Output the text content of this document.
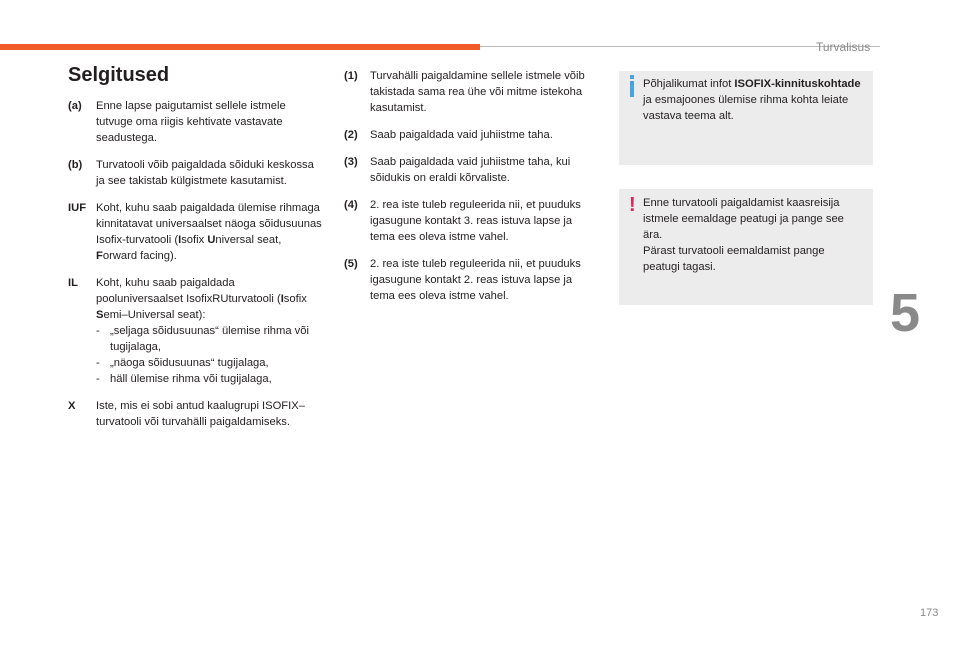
Turvalisus
5
173
Selgitused
(a)	Enne lapse paigutamist sellele istmele tutvuge oma riigis kehtivate vastavate seadustega.
(b)	Turvatooli võib paigaldada sõiduki keskossa ja see takistab külgistmete kasutamist.
IUF Koht, kuhu saab paigaldada ülemise rihmaga kinnitatavat universaalset näoga sõidusuunas Isofix-turvatooli (Isofix Universal seat, Forward facing).
IL	Koht, kuhu saab paigaldada pooluniversaalset IsofixRUturvatooli (Isofix Semi–Universal seat):
- „seljaga sõidusuunas“ ülemise rihma või tugijalaga,
- „näoga sõidusuunas“ tugijalaga,
- häll ülemise rihma või tugijalaga,
X	Iste, mis ei sobi antud kaalugrupi ISOFIX–turvatooli või turvahälli paigaldamiseks.
(1)	Turvahälli paigaldamine sellele istmele võib takistada sama rea ühe või mitme istekoha kasutamist.
(2)	Saab paigaldada vaid juhiistme taha.
(3)	Saab paigaldada vaid juhiistme taha, kui sõidukis on eraldi kõrvaliste.
(4)	2. rea iste tuleb reguleerida nii, et puuduks igasugune kontakt 3. reas istuva lapse ja tema ees oleva istme vahel.
(5)	2. rea iste tuleb reguleerida nii, et puuduks igasugune kontakt 2. reas istuva lapse ja tema ees oleva istme vahel.
Põhjalikumat infot ISOFIX-kinnituskohtade ja esmajoones ülemise rihma kohta leiate vastava teema alt.
! Enne turvatooli paigaldamist kaasreisija istmele eemaldage peatugi ja pange see ära.
Pärast turvatooli eemaldamist pange peatugi tagasi.
